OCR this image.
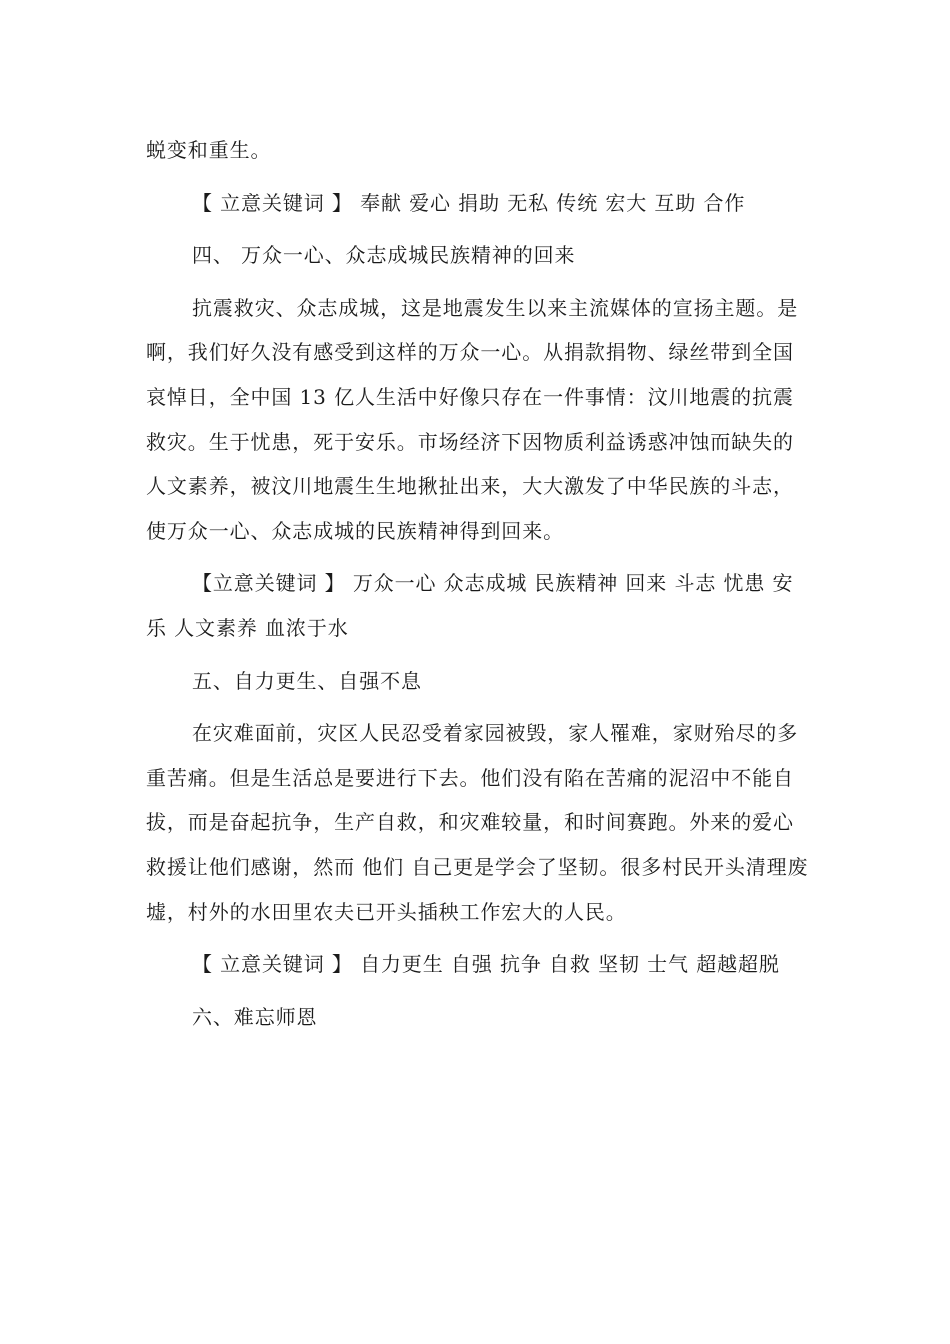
蜕变和重生。

【 立意关键词 】 奉献 爱心 捐助 无私 传统 宏大 互助 合作

四、 万众一心、众志成城民族精神的回来

抗震救灾、众志成城，这是地震发生以来主流媒体的宣扬主题。是啊，我们好久没有感受到这样的万众一心。从捐款捐物、绿丝带到全国哀悼日，全中国 13 亿人生活中好像只存在一件事情：汶川地震的抗震救灾。生于忧患，死于安乐。市场经济下因物质利益诱惑冲蚀而缺失的人文素养，被汶川地震生生地揪扯出来，大大激发了中华民族的斗志，使万众一心、众志成城的民族精神得到回来。

【立意关键词 】 万众一心 众志成城 民族精神 回来 斗志 忧患 安乐 人文素养 血浓于水

五、自力更生、自强不息

在灾难面前，灾区人民忍受着家园被毁，家人罹难，家财殆尽的多重苦痛。但是生活总是要进行下去。他们没有陷在苦痛的泥沼中不能自拔，而是奋起抗争，生产自救，和灾难较量，和时间赛跑。外来的爱心救援让他们感谢，然而 他们 自己更是学会了坚韧。很多村民开头清理废墟，村外的水田里农夫已开头插秧工作宏大的人民。

【 立意关键词 】 自力更生 自强 抗争 自救 坚韧 士气 超越超脱

六、难忘师恩
